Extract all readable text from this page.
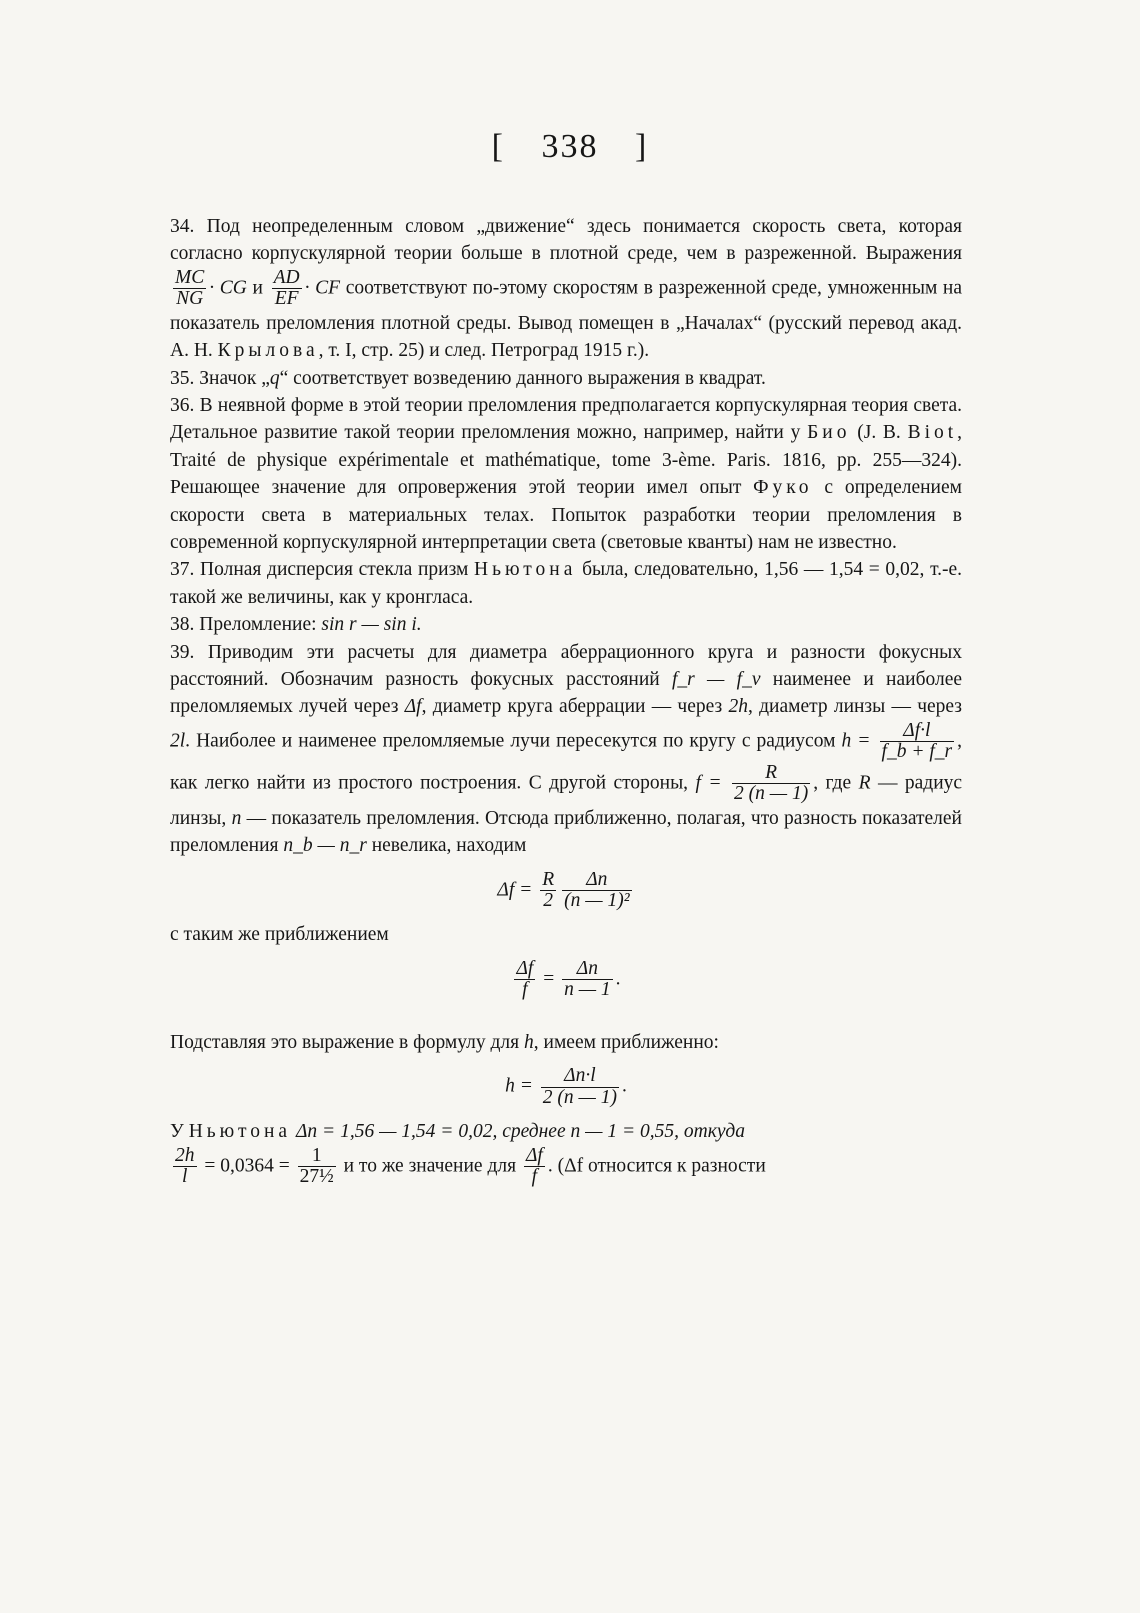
[ 338 ]

34. Под неопределенным словом „движение“ здесь понимается скорость света, которая согласно корпускулярной теории больше в плотной среде, чем в разреженной. Выражения
$\frac{MC}{NG}$ · CG и $\frac{AD}{EF}$ · CF соответствуют по-этому скоростям в разреженной среде, умноженным на показатель преломления плотной среды. Вывод помещен в „Началах“ (русский перевод акад. А. Н. Крылова, т. I, стр. 25) и след. Петроград 1915 г.).

35. Значок „q“ соответствует возведению данного выражения в квадрат.

36. В неявной форме в этой теории преломления предполагается корпускулярная теория света. Детальное развитие такой теории преломления можно, например, найти у Био (J. B. Biot, Traité de physique expérimentale et mathématique, tome 3-ème. Paris. 1816, pp. 255—324). Решающее значение для опровержения этой теории имел опыт Фуко с определением скорости света в материальных телах. Попыток разработки теории преломления в современной корпускулярной интерпретации света (световые кванты) нам не известно.

37. Полная дисперсия стекла призм Ньютона была, следовательно, 1,56 — 1,54 = 0,02, т.-е. такой же величины, как у кронгласа.

38. Преломление: sin r — sin i.

39. Приводим эти расчеты для диаметра аберрационного круга и разности фокусных расстояний. Обозначим разность фокусных расстояний f_r — f_v наименее и наиболее преломляемых лучей через Δf, диаметр круга аберрации — через 2h, диаметр линзы — через 2l. Наиболее и наименее преломляемые лучи пересекутся по кругу с радиусом $h = \frac{\Delta f\cdot l}{f\_b + f\_r}$ , как легко найти из простого построения. С другой стороны, $f = \frac{R}{2 (n — 1)}$ , где R — радиус линзы, n — показатель преломления. Отсюда приближенно, полагая, что разность показателей преломления n_b — n_r невелика, находим

$\Delta f = \frac{R}{2} \frac{\Delta n}{\text{(n — 1)²}}$

с таким же приближением

$\frac{\Delta f}{f} = \frac{\Delta n}{n — 1}$ .

Подставляя это выражение в формулу для h, имеем приближенно:

$h = \frac{\Delta n\cdot l}{2 (n — 1)}$ .

У Ньютона Δn = 1,56 — 1,54 = 0,02, среднее n — 1 = 0,55, откуда

$\frac{2h}{l} = 0,0364 = \frac{1}{\text{27½}}$ и то же значение для $\frac{\Delta f}{f}$ . (Δf относится к разности
